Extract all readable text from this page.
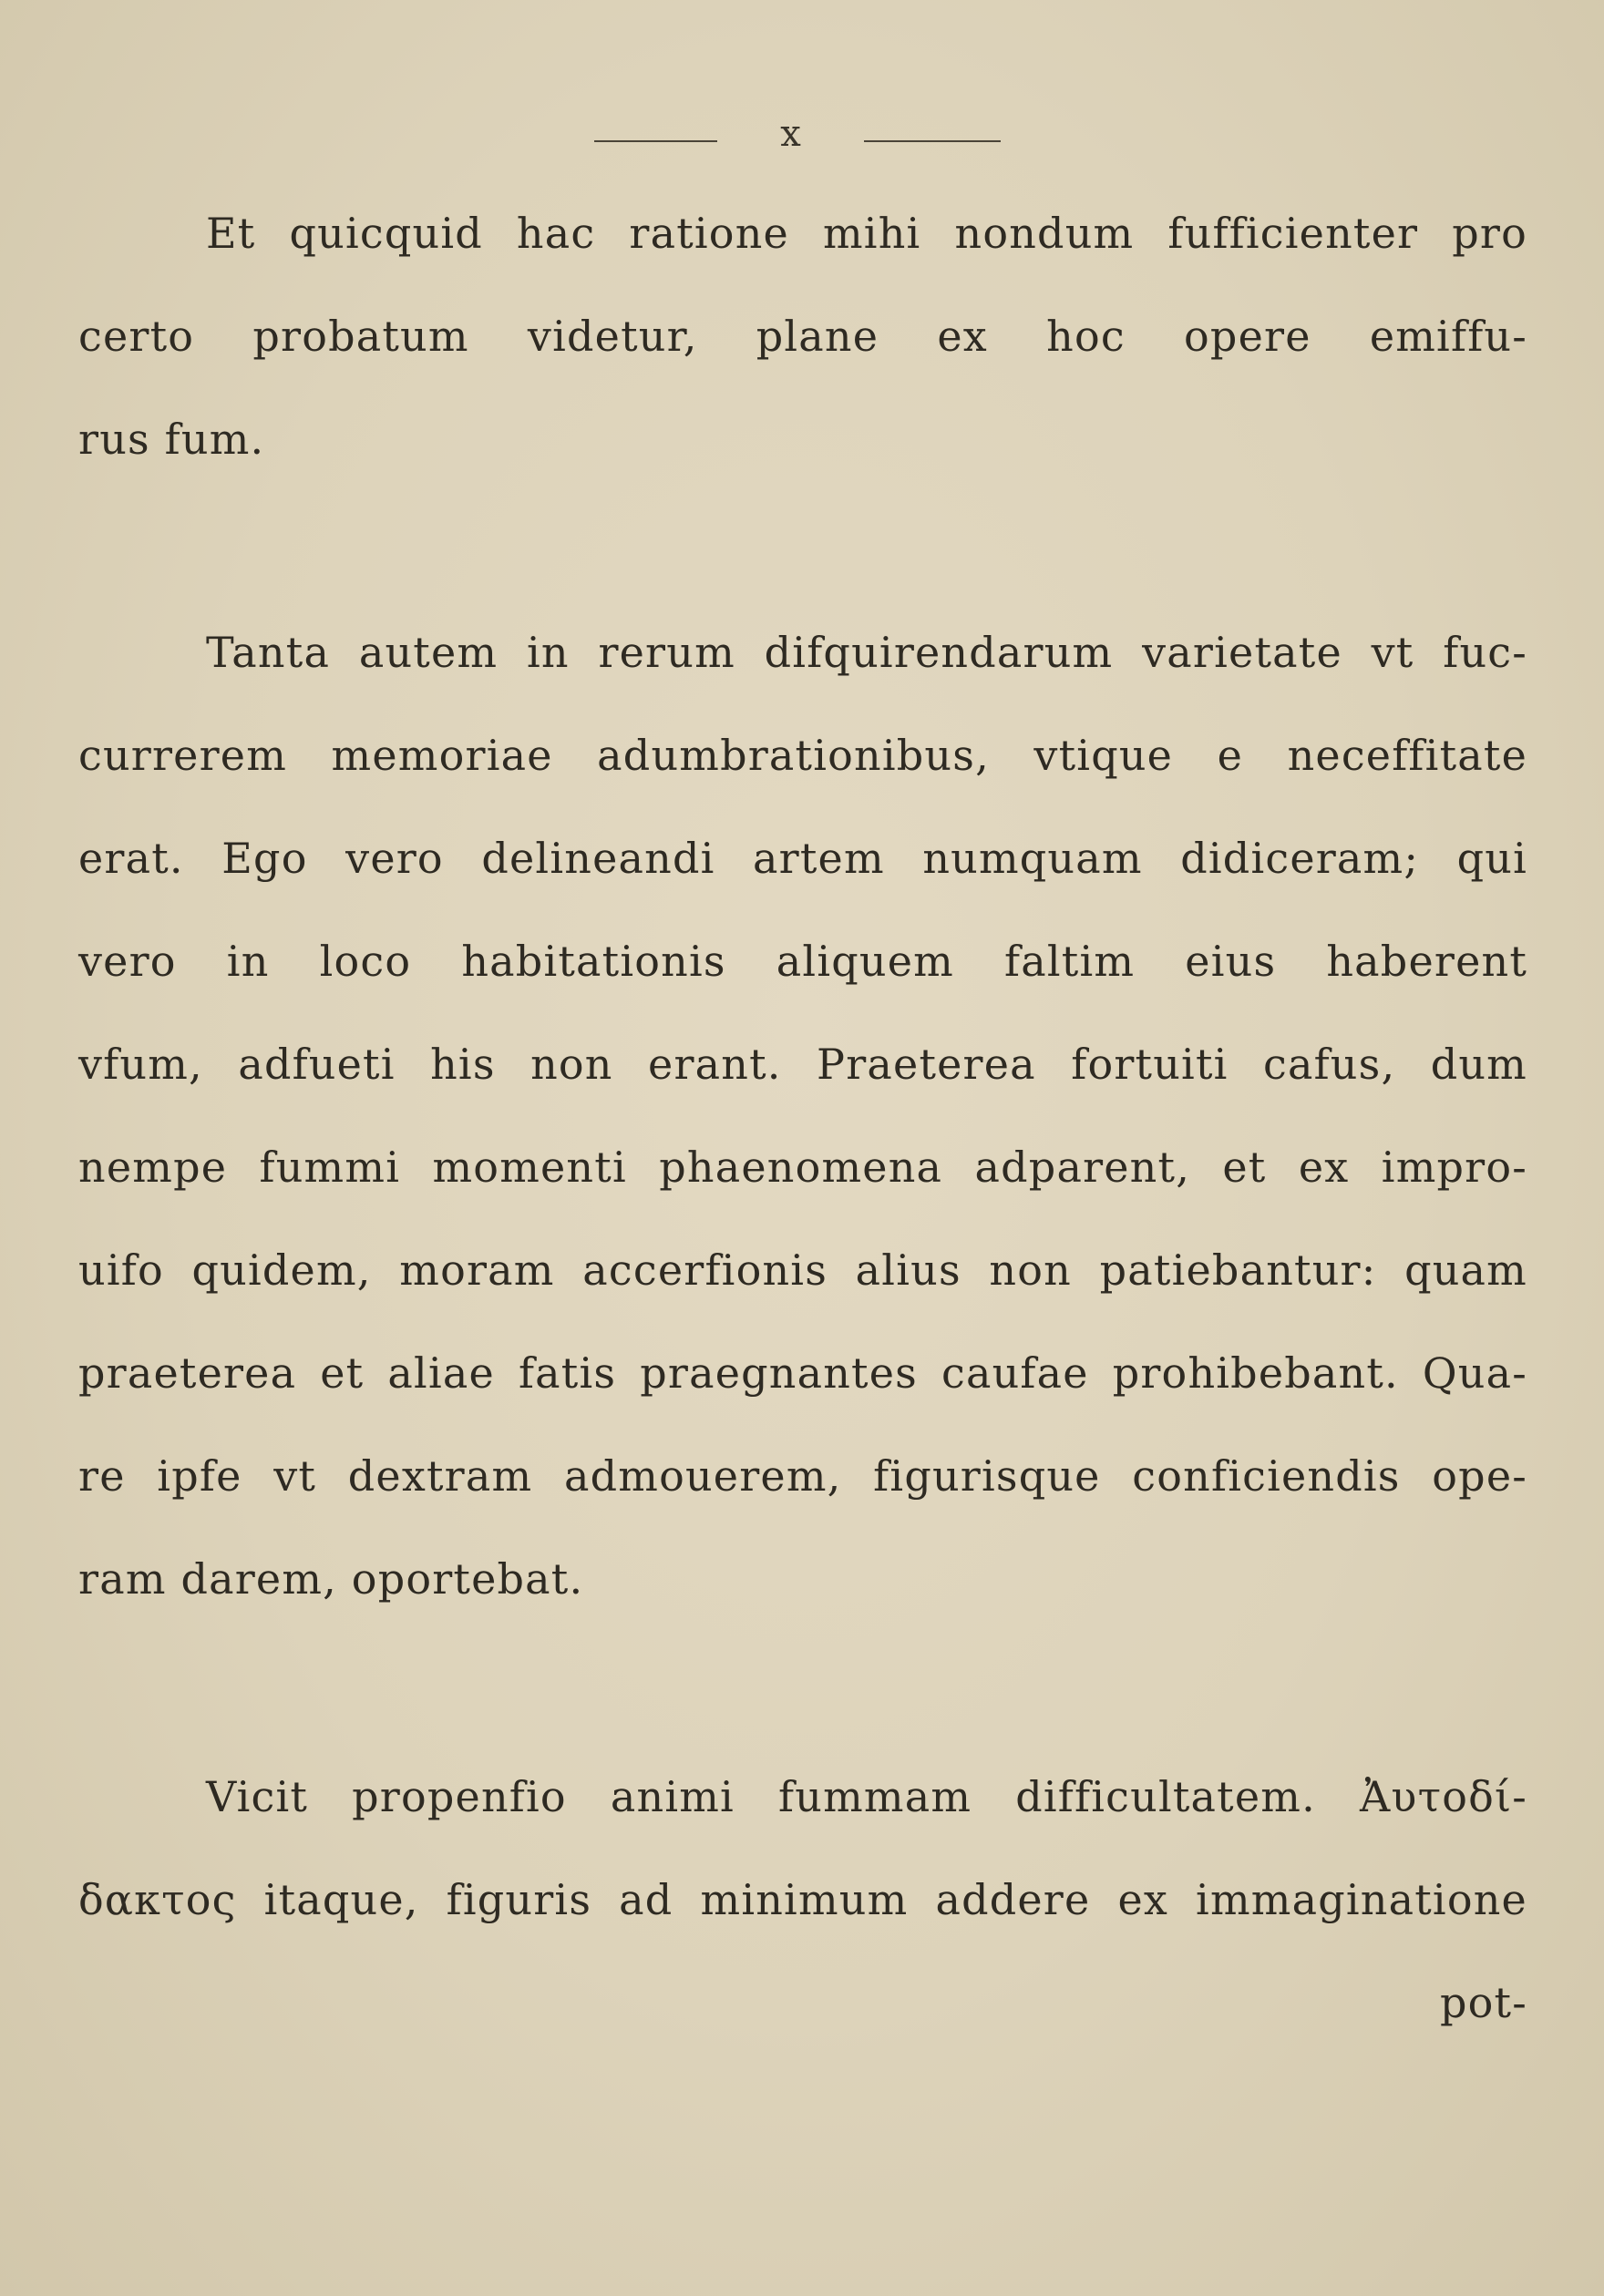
x
Et quicquid hac ratione mihi nondum fufficienter pro
certo probatum videtur, plane ex hoc opere emiffu-
rus fum.
Tanta autem in rerum difquirendarum varietate vt fuc-
currerem memoriae adumbrationibus, vtique e neceffitate
erat. Ego vero delineandi artem numquam didiceram; qui
vero in loco habitationis aliquem faltim eius haberent
vfum, adfueti his non erant. Praeterea fortuiti cafus, dum
nempe fummi momenti phaenomena adparent, et ex impro-
uifo quidem, moram accerfionis alius non patiebantur: quam
praeterea et aliae fatis praegnantes caufae prohibebant. Qua-
re ipfe vt dextram admouerem, figurisque conficiendis ope-
ram darem, oportebat.
Vicit propenfio animi fummam difficultatem. Ἀυτοδί-
δακτος itaque, figuris ad minimum addere ex immaginatione
pot-
